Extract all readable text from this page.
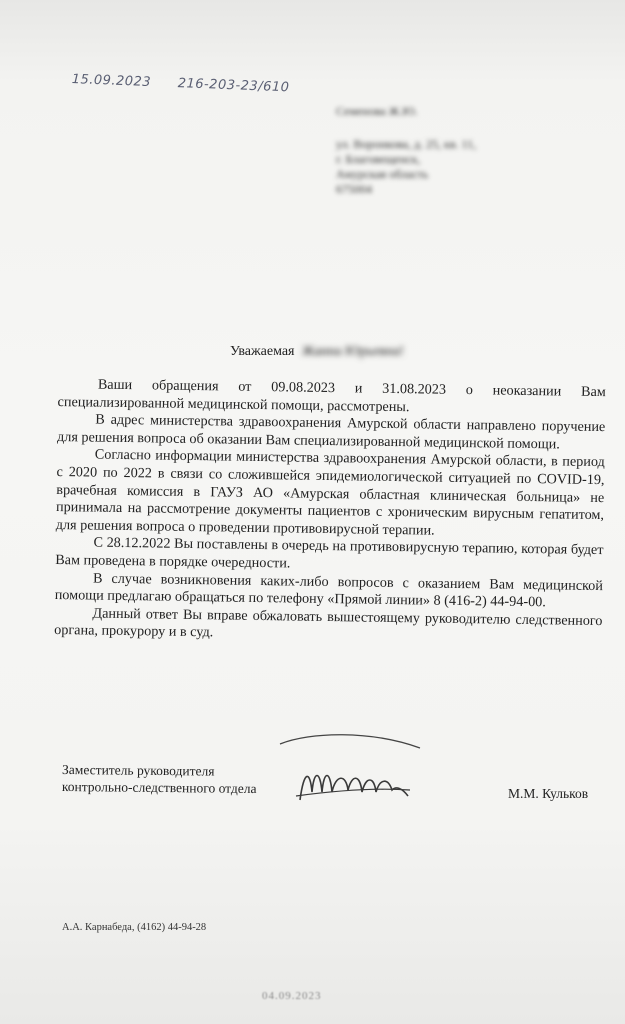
15.09.2023 216-203-23/610
Семенова Ж.Ю.
ул. Воронкова, д. 25, кв. 11,
г. Благовещенск,
Амурская область
675004
Уважаемая Жанна Юрьевна!

Ваши обращения от 09.08.2023 и 31.08.2023 о неоказании Вам специализированной медицинской помощи, рассмотрены.

В адрес министерства здравоохранения Амурской области направлено поручение для решения вопроса об оказании Вам специализированной медицинской помощи.

Согласно информации министерства здравоохранения Амурской области, в период с 2020 по 2022 в связи со сложившейся эпидемиологической ситуацией по COVID-19, врачебная комиссия в ГАУЗ АО «Амурская областная клиническая больница» не принимала на рассмотрение документы пациентов с хроническим вирусным гепатитом, для решения вопроса о проведении противовирусной терапии.

С 28.12.2022 Вы поставлены в очередь на противовирусную терапию, которая будет Вам проведена в порядке очередности.

В случае возникновения каких-либо вопросов с оказанием Вам медицинской помощи предлагаю обращаться по телефону «Прямой линии» 8 (416-2) 44-94-00.

Данный ответ Вы вправе обжаловать вышестоящему руководителю следственного органа, прокурору и в суд.

Заместитель руководителя
контрольно-следственного отдела	М.М. Кульков
А.А. Карнабеда, (4162) 44-94-28
04.09.2023
